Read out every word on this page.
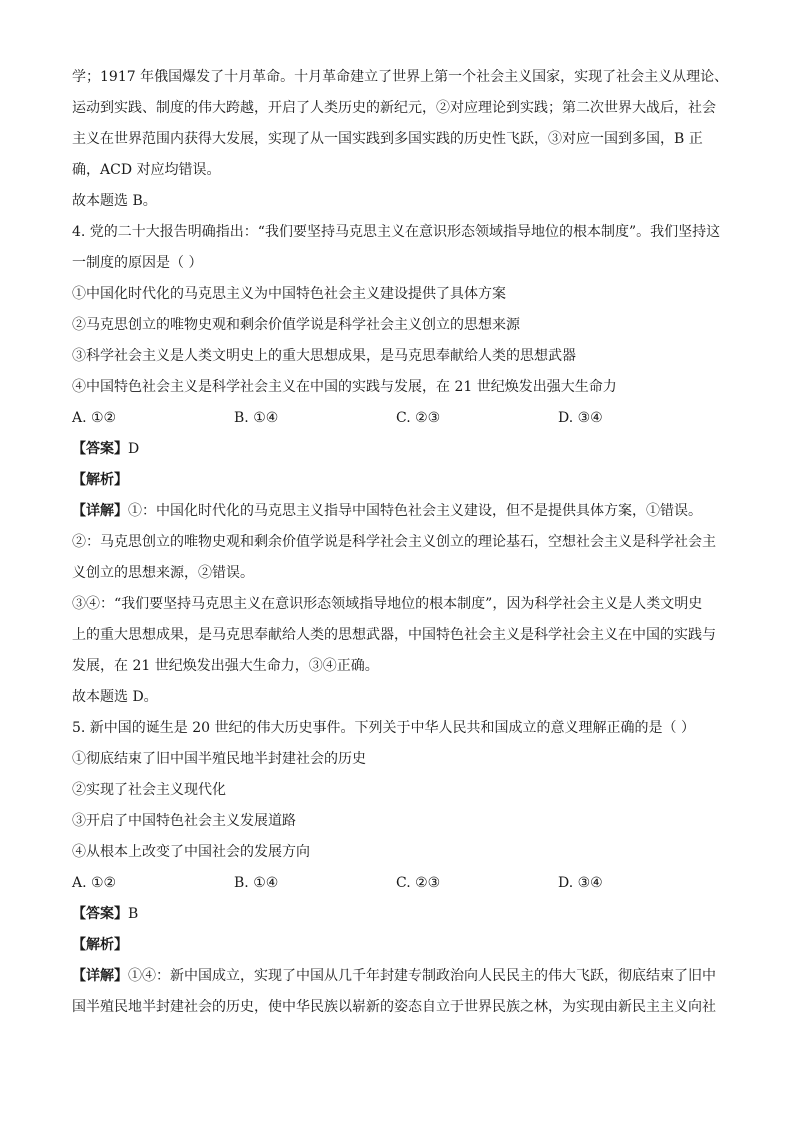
学；1917 年俄国爆发了十月革命。十月革命建立了世界上第一个社会主义国家，实现了社会主义从理论、
运动到实践、制度的伟大跨越，开启了人类历史的新纪元，②对应理论到实践；第二次世界大战后，社会
主义在世界范围内获得大发展，实现了从一国实践到多国实践的历史性飞跃，③对应一国到多国，B 正
确，ACD 对应均错误。
故本题选 B。
4. 党的二十大报告明确指出：“我们要坚持马克思主义在意识形态领域指导地位的根本制度”。我们坚持这
一制度的原因是（ ）
①中国化时代化的马克思主义为中国特色社会主义建设提供了具体方案
②马克思创立的唯物史观和剩余价值学说是科学社会主义创立的思想来源
③科学社会主义是人类文明史上的重大思想成果，是马克思奉献给人类的思想武器
④中国特色社会主义是科学社会主义在中国的实践与发展，在 21 世纪焕发出强大生命力
A. ①②	B. ①④	C. ②③	D. ③④
【答案】D
【解析】
【详解】①：中国化时代化的马克思主义指导中国特色社会主义建设，但不是提供具体方案，①错误。
②：马克思创立的唯物史观和剩余价值学说是科学社会主义创立的理论基石，空想社会主义是科学社会主
义创立的思想来源，②错误。
③④：“我们要坚持马克思主义在意识形态领域指导地位的根本制度”，因为科学社会主义是人类文明史
上的重大思想成果，是马克思奉献给人类的思想武器，中国特色社会主义是科学社会主义在中国的实践与
发展，在 21 世纪焕发出强大生命力，③④正确。
故本题选 D。
5. 新中国的诞生是 20 世纪的伟大历史事件。下列关于中华人民共和国成立的意义理解正确的是（ ）
①彻底结束了旧中国半殖民地半封建社会的历史
②实现了社会主义现代化
③开启了中国特色社会主义发展道路
④从根本上改变了中国社会的发展方向
A. ①②	B. ①④	C. ②③	D. ③④
【答案】B
【解析】
【详解】①④：新中国成立，实现了中国从几千年封建专制政治向人民民主的伟大飞跃，彻底结束了旧中
国半殖民地半封建社会的历史，使中华民族以崭新的姿态自立于世界民族之林，为实现由新民主主义向社
